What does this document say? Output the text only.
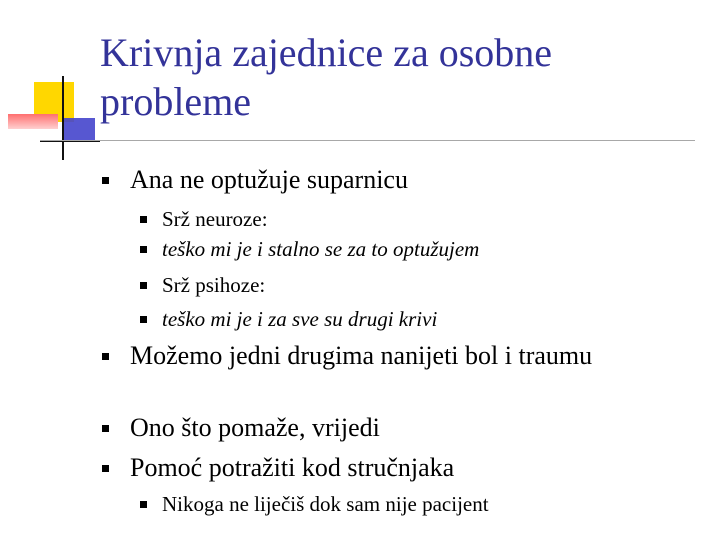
Krivnja zajednice za osobne probleme
Ana ne optužuje suparnicu
Srž neuroze:
teško mi je i stalno se za to optužujem
Srž psihoze:
teško mi je i za sve su drugi krivi
Možemo jedni drugima nanijeti bol i traumu
Ono što pomaže, vrijedi
Pomoć potražiti kod stručnjaka
Nikoga ne liječiš dok sam nije pacijent
